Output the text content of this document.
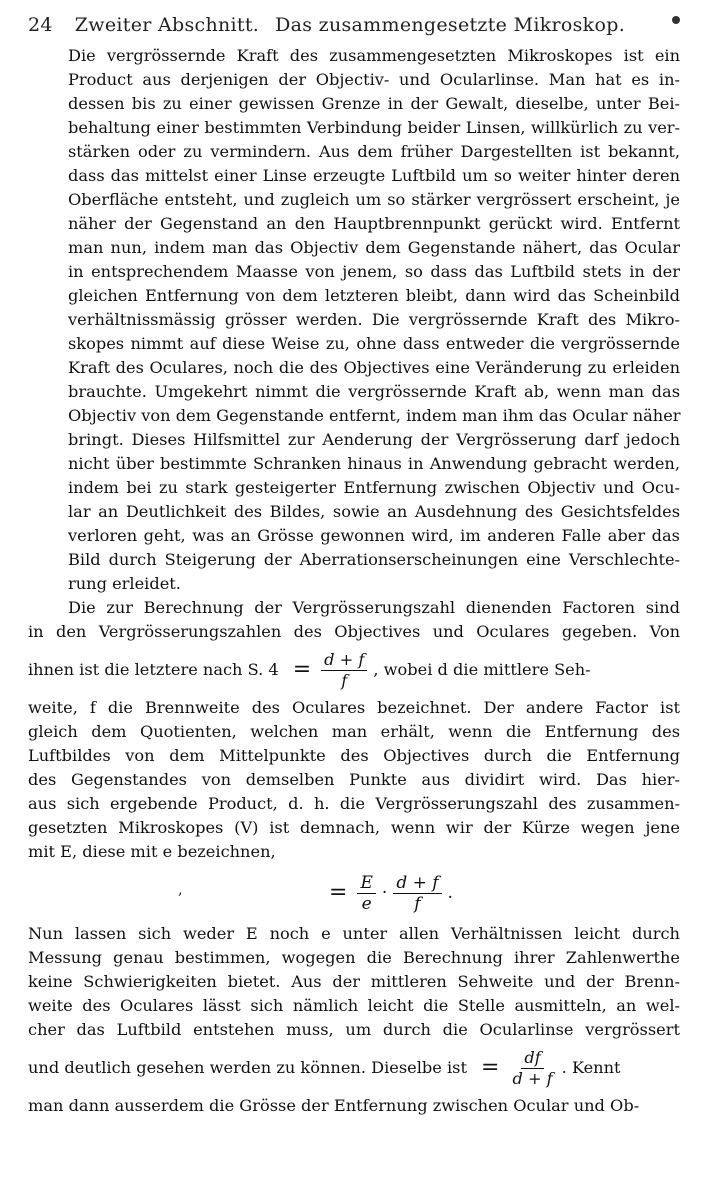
24 Zweiter Abschnitt. Das zusammengesetzte Mikroskop.
Die vergrössernde Kraft des zusammengesetzten Mikroskopes ist ein
Product aus derjenigen der Objectiv- und Ocularlinse. Man hat es in-
dessen bis zu einer gewissen Grenze in der Gewalt, dieselbe, unter Bei-
behaltung einer bestimmten Verbindung beider Linsen, willkürlich zu ver-
stärken oder zu vermindern. Aus dem früher Dargestellten ist bekannt,
dass das mittelst einer Linse erzeugte Luftbild um so weiter hinter deren
Oberfläche entsteht, und zugleich um so stärker vergrössert erscheint, je
näher der Gegenstand an den Hauptbrennpunkt gerückt wird. Entfernt
man nun, indem man das Objectiv dem Gegenstande nähert, das Ocular
in entsprechendem Maasse von jenem, so dass das Luftbild stets in der
gleichen Entfernung von dem letzteren bleibt, dann wird das Scheinbild
verhältnissmässig grösser werden. Die vergrössernde Kraft des Mikro-
skopes nimmt auf diese Weise zu, ohne dass entweder die vergrössernde
Kraft des Oculares, noch die des Objectives eine Veränderung zu erleiden
brauchte. Umgekehrt nimmt die vergrössernde Kraft ab, wenn man das
Objectiv von dem Gegenstande entfernt, indem man ihm das Ocular näher
bringt. Dieses Hilfsmittel zur Aenderung der Vergrösserung darf jedoch
nicht über bestimmte Schranken hinaus in Anwendung gebracht werden,
indem bei zu stark gesteigerter Entfernung zwischen Objectiv und Ocu-
lar an Deutlichkeit des Bildes, sowie an Ausdehnung des Gesichtsfeldes
verloren geht, was an Grösse gewonnen wird, im anderen Falle aber das
Bild durch Steigerung der Aberrationserscheinungen eine Verschlechte-
rung erleidet.
Die zur Berechnung der Vergrösserungszahl dienenden Factoren sind
in den Vergrösserungszahlen des Objectives und Oculares gegeben. Von
ihnen ist die letztere nach S. $4 = \frac{d + f}{f}$ , wobei d die mittlere Seh-
weite, f die Brennweite des Oculares bezeichnet. Der andere Factor ist
gleich dem Quotienten, welchen man erhält, wenn die Entfernung des
Luftbildes von dem Mittelpunkte des Objectives durch die Entfernung
des Gegenstandes von demselben Punkte aus dividirt wird. Das hier-
aus sich ergebende Product, d. h. die Vergrösserungszahl des zusammen-
gesetzten Mikroskopes (V) ist demnach, wenn wir der Kürze wegen jene
mit E, diese mit e bezeichnen,
‚	= $\frac{E}{e} \cdot \frac{d + f}{f}$ .
Nun lassen sich weder E noch e unter allen Verhältnissen leicht durch
Messung genau bestimmen, wogegen die Berechnung ihrer Zahlenwerthe
keine Schwierigkeiten bietet. Aus der mittleren Sehweite und der Brenn-
weite des Oculares lässt sich nämlich leicht die Stelle ausmitteln, an wel-
cher das Luftbild entstehen muss, um durch die Ocularlinse vergrössert
und deutlich gesehen werden zu können. Dieselbe ist = $\frac{df}{d + f}$ . Kennt
man dann ausserdem die Grösse der Entfernung zwischen Ocular und Ob-
